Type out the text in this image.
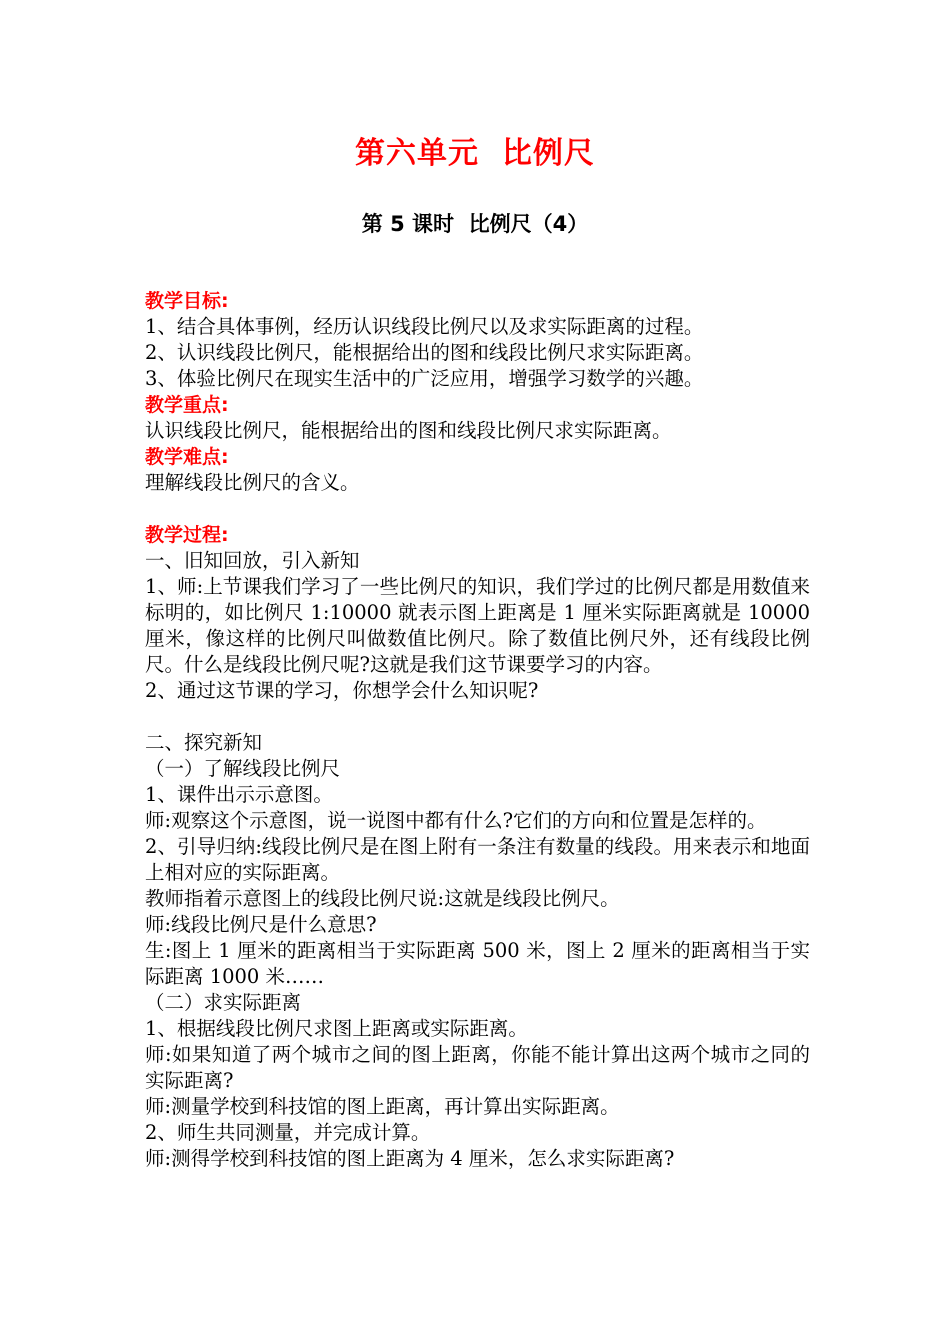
第六单元  比例尺
第 5 课时  比例尺（4）
教学目标:
1、结合具体事例，经历认识线段比例尺以及求实际距离的过程。
2、认识线段比例尺，能根据给出的图和线段比例尺求实际距离。
3、体验比例尺在现实生活中的广泛应用，增强学习数学的兴趣。
教学重点:
认识线段比例尺，能根据给出的图和线段比例尺求实际距离。
教学难点:
理解线段比例尺的含义。
教学过程:
一、旧知回放，引入新知
1、师:上节课我们学习了一些比例尺的知识，我们学过的比例尺都是用数值来标明的，如比例尺 1:10000 就表示图上距离是 1 厘米实际距离就是 10000 厘米，像这样的比例尺叫做数值比例尺。除了数值比例尺外，还有线段比例尺。什么是线段比例尺呢?这就是我们这节课要学习的内容。
2、通过这节课的学习，你想学会什么知识呢?
二、探究新知
（一）了解线段比例尺
1、课件出示示意图。
师:观察这个示意图，说一说图中都有什么?它们的方向和位置是怎样的。
2、引导归纳:线段比例尺是在图上附有一条注有数量的线段。用来表示和地面上相对应的实际距离。
教师指着示意图上的线段比例尺说:这就是线段比例尺。
师:线段比例尺是什么意思?
生:图上 1 厘米的距离相当于实际距离 500 米，图上 2 厘米的距离相当于实际距离 1000 米……
（二）求实际距离
1、根据线段比例尺求图上距离或实际距离。
师:如果知道了两个城市之间的图上距离，你能不能计算出这两个城市之同的实际距离?
师:测量学校到科技馆的图上距离，再计算出实际距离。
2、师生共同测量，并完成计算。
师:测得学校到科技馆的图上距离为 4 厘米，怎么求实际距离?
